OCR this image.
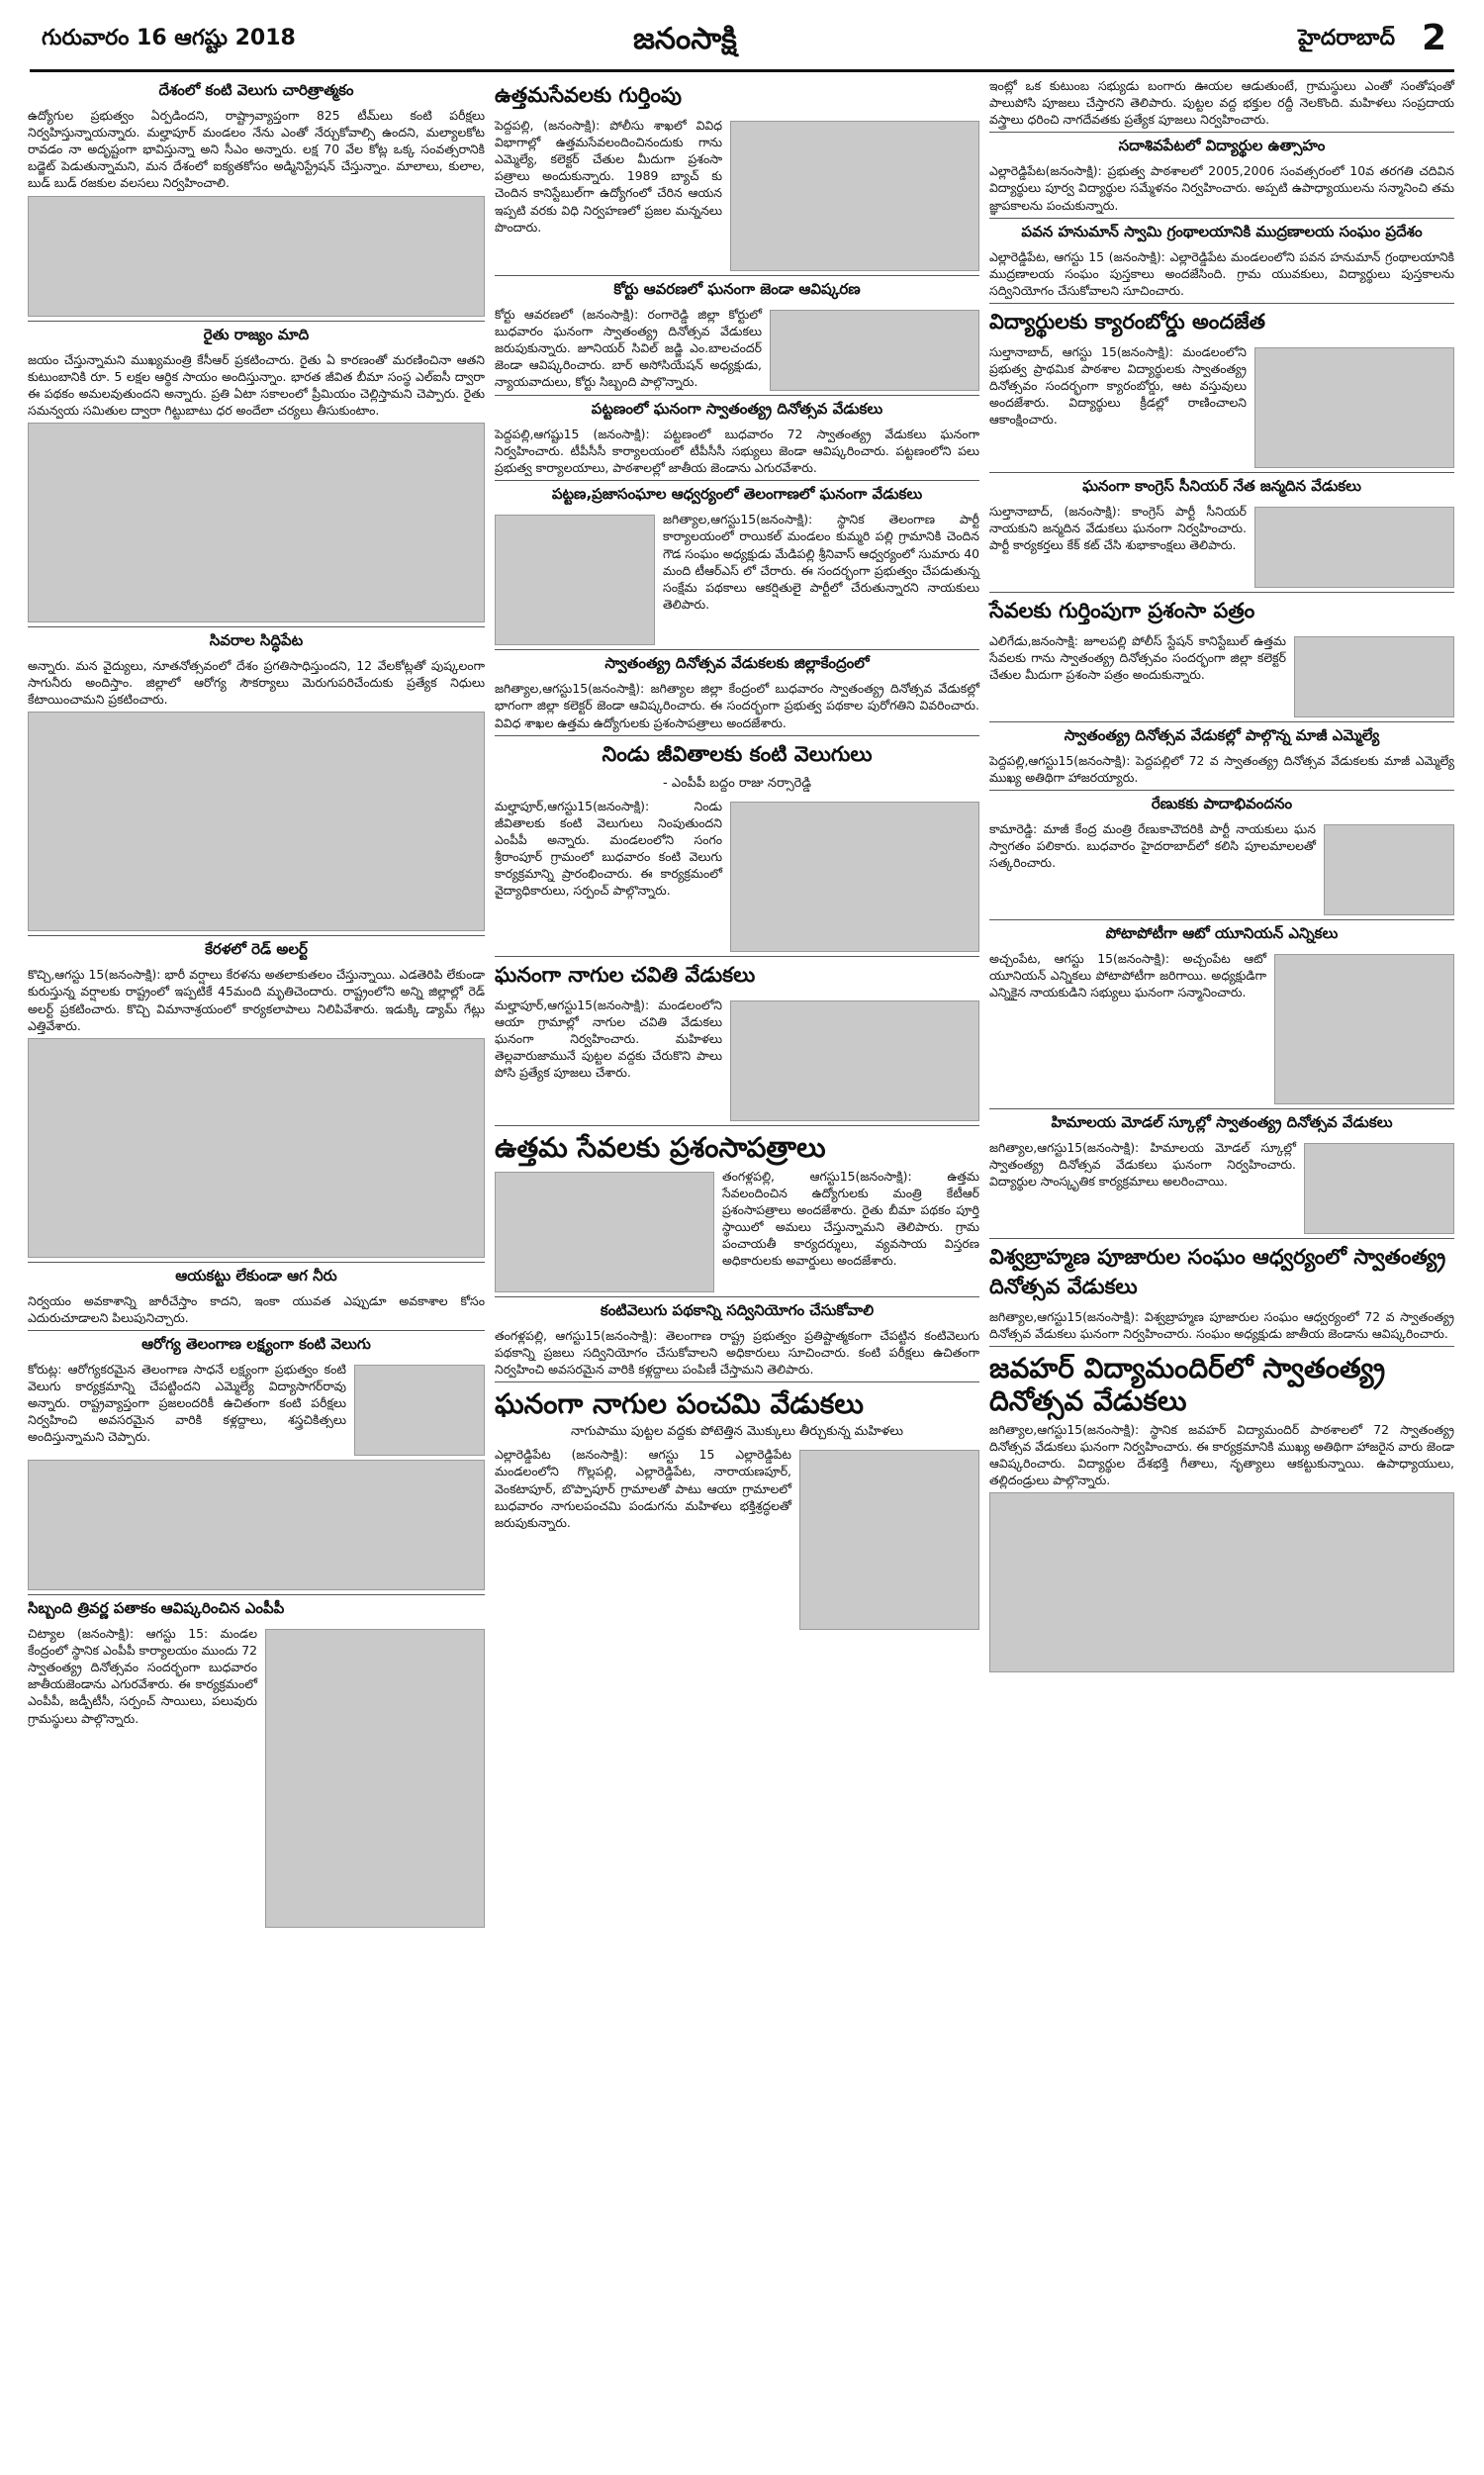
గురువారం 16 ఆగష్టు 2018	జనంసాక్షి	హైదరాబాద్ 2
దేశంలో కంటి వెలుగు చారిత్రాత్మకం

ఉద్యోగుల ప్రభుత్వం ఏర్పడిందని, రాష్ట్రావ్యాప్తంగా 825 టీమ్‌లు కంటి పరీక్షలు నిర్వహిస్తున్నాయన్నారు. మల్హాపూర్ మండలం నేను ఎంతో నేర్చుకోవాల్సి ఉందని, మల్యాలకోట రావడం నా అదృష్టంగా భావిస్తున్నా అని సీఎం అన్నారు. లక్ష 70 వేల కోట్ల ఒక్క సంవత్సరానికి బడ్జెట్ పెడుతున్నామని, మన దేశంలో ఐక్యతకోసం అడ్మినిస్ట్రేషన్ చేస్తున్నాం. మాలాలు, కులాల, బుడ్ బుడ్ రజకుల వలసలు నిర్వహించాలి.

రైతు రాజ్యం మాది

జయం చేస్తున్నామని ముఖ్యమంత్రి కేసీఆర్ ప్రకటించారు. రైతు ఏ కారణంతో మరణించినా ఆతని కుటుంబానికి రూ. 5 లక్షల ఆర్థిక సాయం అందిస్తున్నాం. భారత జీవిత బీమా సంస్థ ఎల్ఐసీ ద్వారా ఈ పథకం అమలవుతుందని అన్నారు. ప్రతి ఏటా సకాలంలో ప్రీమియం చెల్లిస్తామని చెప్పారు. రైతు సమన్వయ సమితుల ద్వారా గిట్టుబాటు ధర అందేలా చర్యలు తీసుకుంటాం.

సివరాల సిద్ధిపేట

అన్నారు. మన వైద్యులు, నూతనోత్సవంలో దేశం ప్రగతిసాధిస్తుందని, 12 వేలకోట్లతో పుష్కలంగా సాగునీరు అందిస్తాం. జిల్లాలో ఆరోగ్య సౌకర్యాలు మెరుగుపరిచేందుకు ప్రత్యేక నిధులు కేటాయించామని ప్రకటించారు.

కేరళలో రెడ్ అలర్ట్

కొచ్చి,ఆగస్టు 15(జనంసాక్షి): భారీ వర్షాలు కేరళను అతలాకుతలం చేస్తున్నాయి. ఎడతెరిపి లేకుండా కురుస్తున్న వర్షాలకు రాష్ట్రంలో ఇప్పటికే 45మంది మృతిచెందారు. రాష్ట్రంలోని అన్ని జిల్లాల్లో రెడ్ అలర్ట్ ప్రకటించారు. కొచ్చి విమానాశ్రయంలో కార్యకలాపాలు నిలిపివేశారు. ఇడుక్కి డ్యామ్ గేట్లు ఎత్తివేశారు.

ఆయకట్టు లేకుండా ఆగ నీరు

నిర్వయం అవకాశాన్ని జారీచేస్తాం కాదని, ఇంకా యువత ఎప్పుడూ అవకాశాల కోసం ఎదురుచూడాలని పిలుపునిచ్చారు.

ఆరోగ్య తెలంగాణ లక్ష్యంగా కంటి వెలుగు

కోరుట్ల: ఆరోగ్యకరమైన తెలంగాణ సాధనే లక్ష్యంగా ప్రభుత్వం కంటి వెలుగు కార్యక్రమాన్ని చేపట్టిందని ఎమ్మెల్యే విద్యాసాగర్‌రావు అన్నారు. రాష్ట్రవ్యాప్తంగా ప్రజలందరికీ ఉచితంగా కంటి పరీక్షలు నిర్వహించి అవసరమైన వారికి కళ్లద్దాలు, శస్త్రచికిత్సలు అందిస్తున్నామని చెప్పారు.

సిబ్బంది త్రివర్ణ పతాకం ఆవిష్కరించిన ఎంపీపీ

చిట్యాల (జనంసాక్షి): ఆగస్టు 15: మండల కేంద్రంలో స్థానిక ఎంపీపీ కార్యాలయం ముందు 72 స్వాతంత్య్ర దినోత్సవం సందర్భంగా బుధవారం జాతీయజెండాను ఎగురవేశారు. ఈ కార్యక్రమంలో ఎంపీపీ, జడ్పీటీసీ, సర్పంచ్ సాయిలు, పలువురు గ్రామస్థులు పాల్గొన్నారు.

ఉత్తమసేవలకు గుర్తింపు

పెద్దపల్లి, (జనంసాక్షి): పోలీసు శాఖలో వివిధ విభాగాల్లో ఉత్తమసేవలందించినందుకు గాను ఎమ్మెల్యే, కలెక్టర్ చేతుల మీదుగా ప్రశంసా పత్రాలు అందుకున్నారు. 1989 బ్యాచ్ కు చెందిన కానిస్టేబుల్‌గా ఉద్యోగంలో చేరిన ఆయన ఇప్పటి వరకు విధి నిర్వహణలో ప్రజల మన్ననలు పొందారు.

కోర్టు ఆవరణలో ఘనంగా జెండా ఆవిష్కరణ

కోర్టు ఆవరణలో (జనంసాక్షి): రంగారెడ్డి జిల్లా కోర్టులో బుధవారం ఘనంగా స్వాతంత్య్ర దినోత్సవ వేడుకలు జరుపుకున్నారు. జూనియర్ సివిల్ జడ్జి ఎం.బాలచందర్ జెండా ఆవిష్కరించారు. బార్ అసోసియేషన్ అధ్యక్షుడు, న్యాయవాదులు, కోర్టు సిబ్బంది పాల్గొన్నారు.

పట్టణంలో ఘనంగా స్వాతంత్య్ర దినోత్సవ వేడుకలు

పెద్దపల్లి,ఆగష్టు15 (జనంసాక్షి): పట్టణంలో బుధవారం 72 స్వాతంత్య్ర వేడుకలు ఘనంగా నిర్వహించారు. టీపీసీసీ కార్యాలయంలో టీపీసీసీ సభ్యులు జెండా ఆవిష్కరించారు. పట్టణంలోని పలు ప్రభుత్వ కార్యాలయాలు, పాఠశాలల్లో జాతీయ జెండాను ఎగురవేశారు.

పట్టణ,ప్రజాసంఘాల ఆధ్వర్యంలో తెలంగాణలో ఘనంగా వేడుకలు

జగిత్యాల,ఆగస్టు15(జనంసాక్షి): స్థానిక తెలంగాణ పార్టీ కార్యాలయంలో రాయికల్ మండలం కుమ్మరి పల్లి గ్రామానికి చెందిన గౌడ సంఘం అధ్యక్షుడు మేడిపల్లి శ్రీనివాస్ ఆధ్వర్యంలో సుమారు 40 మంది టీఆర్ఎస్ లో చేరారు. ఈ సందర్భంగా ప్రభుత్వం చేపడుతున్న సంక్షేమ పథకాలు ఆకర్షితులై పార్టీలో చేరుతున్నారని నాయకులు తెలిపారు.

స్వాతంత్య్ర దినోత్సవ వేడుకలకు జిల్లాకేంద్రంలో

జగిత్యాల,ఆగస్టు15(జనంసాక్షి): జగిత్యాల జిల్లా కేంద్రంలో బుధవారం స్వాతంత్య్ర దినోత్సవ వేడుకల్లో భాగంగా జిల్లా కలెక్టర్ జెండా ఆవిష్కరించారు. ఈ సందర్భంగా ప్రభుత్వ పథకాల పురోగతిని వివరించారు. వివిధ శాఖల ఉత్తమ ఉద్యోగులకు ప్రశంసాపత్రాలు అందజేశారు.

నిండు జీవితాలకు కంటి వెలుగులు
- ఎంపీపీ బద్దం రాజు నర్సారెడ్డి

మల్హాపూర్,ఆగస్టు15(జనంసాక్షి): నిండు జీవితాలకు కంటి వెలుగులు నింపుతుందని ఎంపీపీ అన్నారు. మండలంలోని సంగం శ్రీరాంపూర్ గ్రామంలో బుధవారం కంటి వెలుగు కార్యక్రమాన్ని ప్రారంభించారు. ఈ కార్యక్రమంలో వైద్యాధికారులు, సర్పంచ్ పాల్గొన్నారు.

ఘనంగా నాగుల చవితి వేడుకలు

మల్హాపూర్,ఆగస్టు15(జనంసాక్షి): మండలంలోని ఆయా గ్రామాల్లో నాగుల చవితి వేడుకలు ఘనంగా నిర్వహించారు. మహిళలు తెల్లవారుజామునే పుట్టల వద్దకు చేరుకొని పాలు పోసి ప్రత్యేక పూజలు చేశారు.

ఉత్తమ సేవలకు ప్రశంసాపత్రాలు

తంగళ్లపల్లి, ఆగస్టు15(జనంసాక్షి): ఉత్తమ సేవలందించిన ఉద్యోగులకు మంత్రి కేటీఆర్ ప్రశంసాపత్రాలు అందజేశారు. రైతు బీమా పథకం పూర్తి స్థాయిలో అమలు చేస్తున్నామని తెలిపారు. గ్రామ పంచాయతీ కార్యదర్శులు, వ్యవసాయ విస్తరణ అధికారులకు అవార్డులు అందజేశారు.

కంటివెలుగు పథకాన్ని సద్వినియోగం చేసుకోవాలి

తంగళ్లపల్లి, ఆగస్టు15(జనంసాక్షి): తెలంగాణ రాష్ట్ర ప్రభుత్వం ప్రతిష్టాత్మకంగా చేపట్టిన కంటివెలుగు పథకాన్ని ప్రజలు సద్వినియోగం చేసుకోవాలని అధికారులు సూచించారు. కంటి పరీక్షలు ఉచితంగా నిర్వహించి అవసరమైన వారికి కళ్లద్దాలు పంపిణీ చేస్తామని తెలిపారు.

ఘనంగా నాగుల పంచమి వేడుకలు
నాగుపాము పుట్టల వద్దకు పోటెత్తిన మొక్కులు తీర్చుకున్న మహిళలు

ఎల్లారెడ్డిపేట (జనంసాక్షి): ఆగస్టు 15 ఎల్లారెడ్డిపేట మండలంలోని గొల్లపల్లి, ఎల్లారెడ్డిపేట, నారాయణపూర్, వెంకటాపూర్, బొప్పాపూర్ గ్రామాలతో పాటు ఆయా గ్రామాలలో బుధవారం నాగులపంచమి పండుగను మహిళలు భక్తిశ్రద్ధలతో జరుపుకున్నారు.

ఇంట్లో ఒక కుటుంబ సభ్యుడు బంగారు ఊయల ఆడుతుంటే, గ్రామస్థులు ఎంతో సంతోషంతో పాలుపోసి పూజలు చేస్తారని తెలిపారు. పుట్టల వద్ద భక్తుల రద్దీ నెలకొంది. మహిళలు సంప్రదాయ వస్త్రాలు ధరించి నాగదేవతకు ప్రత్యేక పూజలు నిర్వహించారు.

సదాశివపేటలో విద్యార్థుల ఉత్సాహం

ఎల్లారెడ్డిపేట(జనంసాక్షి): ప్రభుత్వ పాఠశాలలో 2005,2006 సంవత్సరంలో 10వ తరగతి చదివిన విద్యార్థులు పూర్వ విద్యార్థుల సమ్మేళనం నిర్వహించారు. అప్పటి ఉపాధ్యాయులను సన్మానించి తమ జ్ఞాపకాలను పంచుకున్నారు.

పవన హనుమాన్ స్వామి గ్రంథాలయానికి ముద్రణాలయ సంఘం ప్రదేశం

ఎల్లారెడ్డిపేట, ఆగస్టు 15 (జనంసాక్షి): ఎల్లారెడ్డిపేట మండలంలోని పవన హనుమాన్ గ్రంథాలయానికి ముద్రణాలయ సంఘం పుస్తకాలు అందజేసింది. గ్రామ యువకులు, విద్యార్థులు పుస్తకాలను సద్వినియోగం చేసుకోవాలని సూచించారు.

విద్యార్థులకు క్యారంబోర్డు అందజేత

సుల్తానాబాద్, ఆగస్టు 15(జనంసాక్షి): మండలంలోని ప్రభుత్వ ప్రాథమిక పాఠశాల విద్యార్థులకు స్వాతంత్య్ర దినోత్సవం సందర్భంగా క్యారంబోర్డు, ఆట వస్తువులు అందజేశారు. విద్యార్థులు క్రీడల్లో రాణించాలని ఆకాంక్షించారు.

ఘనంగా కాంగ్రెస్ సీనియర్ నేత జన్మదిన వేడుకలు

సుల్తానాబాద్, (జనంసాక్షి): కాంగ్రెస్ పార్టీ సీనియర్ నాయకుని జన్మదిన వేడుకలు ఘనంగా నిర్వహించారు. పార్టీ కార్యకర్తలు కేక్ కట్ చేసి శుభాకాంక్షలు తెలిపారు.

సేవలకు గుర్తింపుగా ప్రశంసా పత్రం

ఎలిగేడు,జనంసాక్షి: జూలపల్లి పోలీస్ స్టేషన్ కానిస్టేబుల్ ఉత్తమ సేవలకు గాను స్వాతంత్య్ర దినోత్సవం సందర్భంగా జిల్లా కలెక్టర్ చేతుల మీదుగా ప్రశంసా పత్రం అందుకున్నారు.

స్వాతంత్య్ర దినోత్సవ వేడుకల్లో పాల్గొన్న మాజీ ఎమ్మెల్యే

పెద్దపల్లి,ఆగస్టు15(జనంసాక్షి): పెద్దపల్లిలో 72 వ స్వాతంత్య్ర దినోత్సవ వేడుకలకు మాజీ ఎమ్మెల్యే ముఖ్య అతిథిగా హాజరయ్యారు.

రేణుకకు పాదాభివందనం

కామారెడ్డి: మాజీ కేంద్ర మంత్రి రేణుకాచౌదరికి పార్టీ నాయకులు ఘన స్వాగతం పలికారు. బుధవారం హైదరాబాద్‌లో కలిసి పూలమాలలతో సత్కరించారు.

పోటాపోటీగా ఆటో యూనియన్ ఎన్నికలు

అచ్చంపేట, ఆగస్టు 15(జనంసాక్షి): అచ్చంపేట ఆటో యూనియన్ ఎన్నికలు పోటాపోటీగా జరిగాయి. అధ్యక్షుడిగా ఎన్నికైన నాయకుడిని సభ్యులు ఘనంగా సన్మానించారు.

హిమాలయ మోడల్ స్కూల్లో స్వాతంత్య్ర దినోత్సవ వేడుకలు

జగిత్యాల,ఆగస్టు15(జనంసాక్షి): హిమాలయ మోడల్ స్కూల్లో స్వాతంత్య్ర దినోత్సవ వేడుకలు ఘనంగా నిర్వహించారు. విద్యార్థుల సాంస్కృతిక కార్యక్రమాలు అలరించాయి.

విశ్వబ్రాహ్మణ పూజారుల సంఘం ఆధ్వర్యంలో స్వాతంత్య్ర దినోత్సవ వేడుకలు

జగిత్యాల,ఆగస్టు15(జనంసాక్షి): విశ్వబ్రాహ్మణ పూజారుల సంఘం ఆధ్వర్యంలో 72 వ స్వాతంత్య్ర దినోత్సవ వేడుకలు ఘనంగా నిర్వహించారు. సంఘం అధ్యక్షుడు జాతీయ జెండాను ఆవిష్కరించారు.

జవహర్ విద్యామందిర్‌లో స్వాతంత్య్ర దినోత్సవ వేడుకలు

జగిత్యాల,ఆగస్టు15(జనంసాక్షి): స్థానిక జవహర్ విద్యామందిర్ పాఠశాలలో 72 స్వాతంత్య్ర దినోత్సవ వేడుకలు ఘనంగా నిర్వహించారు. ఈ కార్యక్రమానికి ముఖ్య అతిథిగా హాజరైన వారు జెండా ఆవిష్కరించారు. విద్యార్థుల దేశభక్తి గీతాలు, నృత్యాలు ఆకట్టుకున్నాయి. ఉపాధ్యాయులు, తల్లిదండ్రులు పాల్గొన్నారు.
